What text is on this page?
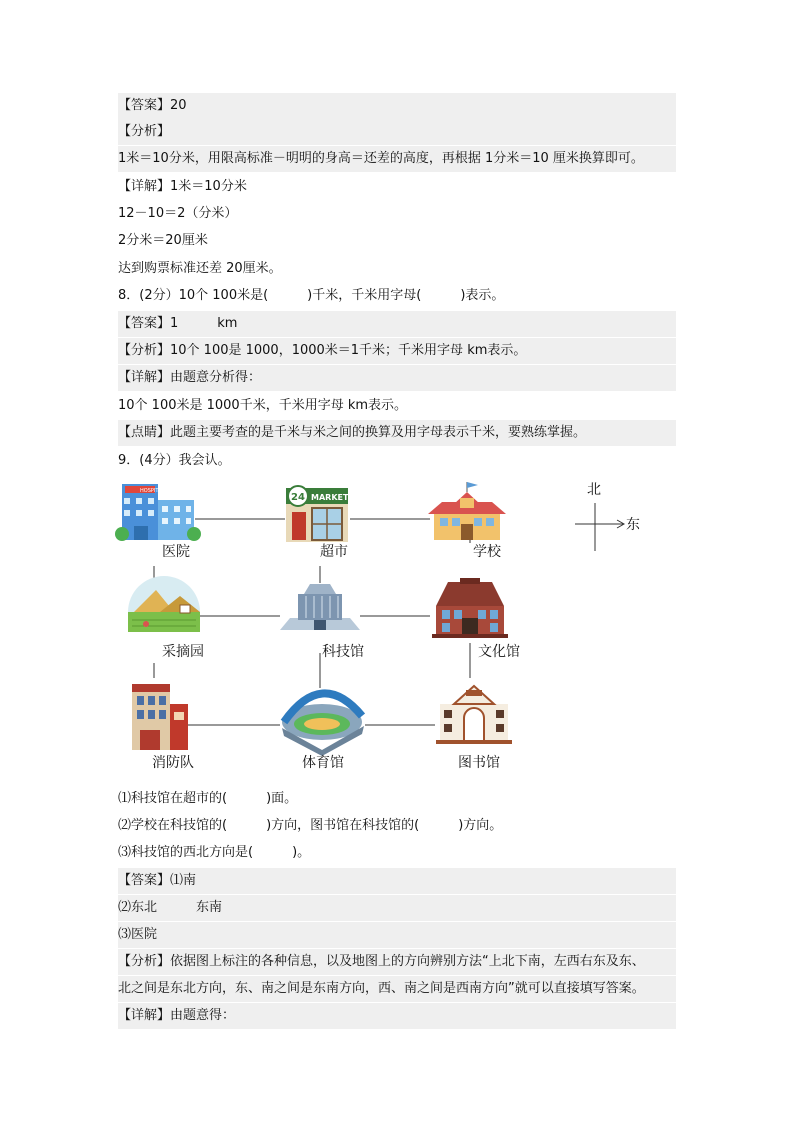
【答案】20
【分析】
1米＝10分米，用限高标准－明明的身高＝还差的高度，再根据 1分米＝10 厘米换算即可。
【详解】1米＝10分米
12－10＝2（分米）
2分米＝20厘米
达到购票标准还差 20厘米。
8．(2分）10个 100米是(　　　)千米，千米用字母(　　　)表示。
【答案】1　　　km
【分析】10个 100是 1000，1000米＝1千米；千米用字母 km表示。
【详解】由题意分析得：
10个 100米是 1000千米，千米用字母 km表示。
【点睛】此题主要考查的是千米与米之间的换算及用字母表示千米，要熟练掌握。
9．(4分）我会认。
HOSPITAL
24 MARKET
医院	超市	学校
采摘园	科技馆	文化馆
消防队	体育馆	图书馆
北
东
⑴科技馆在超市的(　　　)面。
⑵学校在科技馆的(　　　)方向，图书馆在科技馆的(　　　)方向。
⑶科技馆的西北方向是(　　　)。
【答案】⑴南
⑵东北　　　东南
⑶医院
【分析】依据图上标注的各种信息，以及地图上的方向辨别方法“上北下南，左西右东及东、
北之间是东北方向，东、南之间是东南方向，西、南之间是西南方向”就可以直接填写答案。
【详解】由题意得：
